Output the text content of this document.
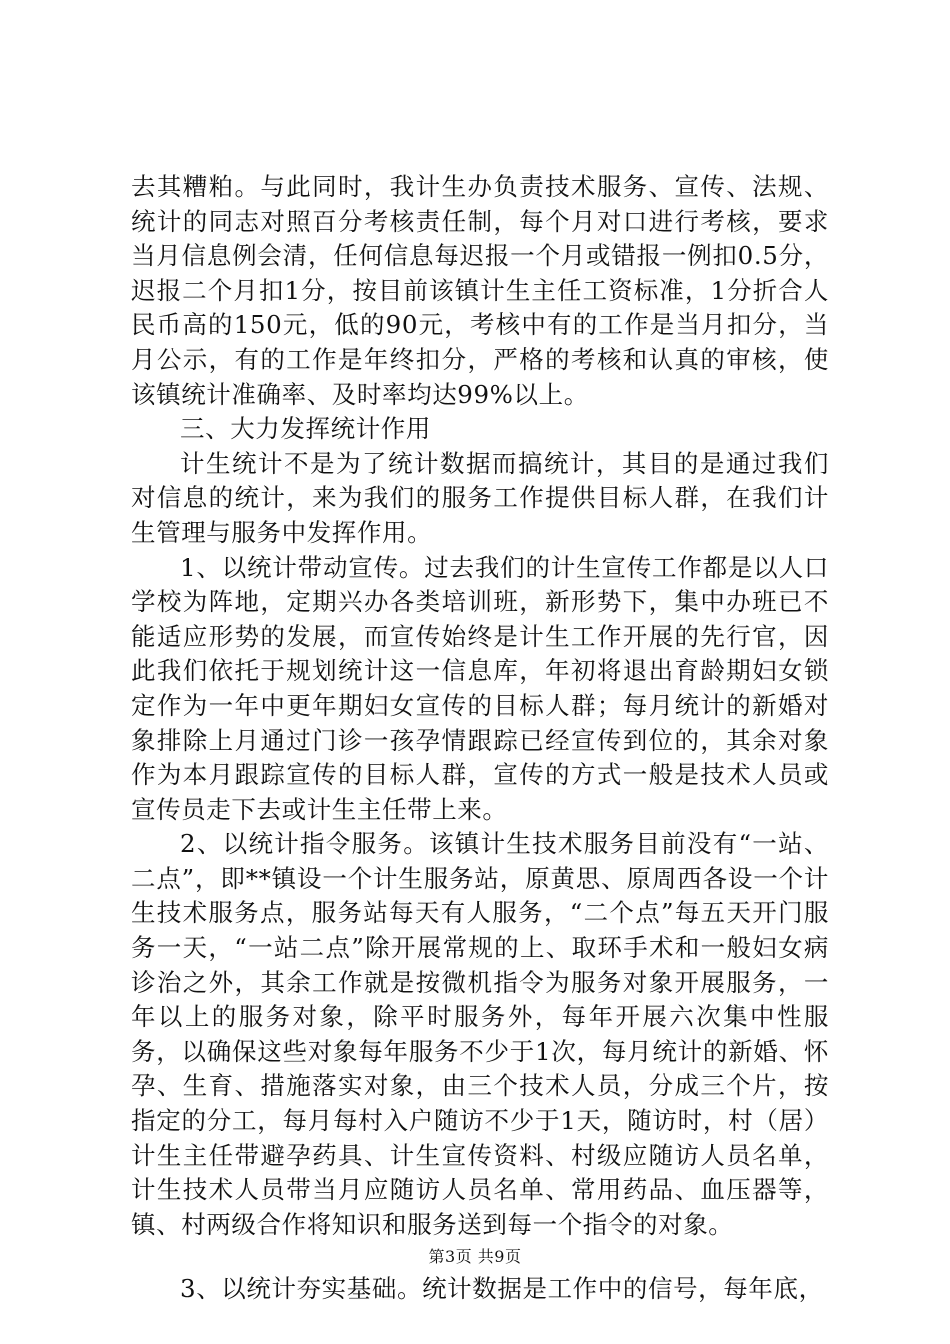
去其糟粕。与此同时，我计生办负责技术服务、宣传、法规、统计的同志对照百分考核责任制，每个月对口进行考核，要求当月信息例会清，任何信息每迟报一个月或错报一例扣0.5分，迟报二个月扣1分，按目前该镇计生主任工资标准，1分折合人民币高的150元，低的90元，考核中有的工作是当月扣分，当月公示，有的工作是年终扣分，严格的考核和认真的审核，使该镇统计准确率、及时率均达99%以上。

三、大力发挥统计作用

计生统计不是为了统计数据而搞统计，其目的是通过我们对信息的统计，来为我们的服务工作提供目标人群，在我们计生管理与服务中发挥作用。

1、以统计带动宣传。过去我们的计生宣传工作都是以人口学校为阵地，定期兴办各类培训班，新形势下，集中办班已不能适应形势的发展，而宣传始终是计生工作开展的先行官，因此我们依托于规划统计这一信息库，年初将退出育龄期妇女锁定作为一年中更年期妇女宣传的目标人群；每月统计的新婚对象排除上月通过门诊一孩孕情跟踪已经宣传到位的，其余对象作为本月跟踪宣传的目标人群，宣传的方式一般是技术人员或宣传员走下去或计生主任带上来。

2、以统计指令服务。该镇计生技术服务目前没有“一站、二点”，即**镇设一个计生服务站，原黄思、原周西各设一个计生技术服务点，服务站每天有人服务，“二个点”每五天开门服务一天，“一站二点”除开展常规的上、取环手术和一般妇女病诊治之外，其余工作就是按微机指令为服务对象开展服务，一年以上的服务对象，除平时服务外，每年开展六次集中性服务，以确保这些对象每年服务不少于1次，每月统计的新婚、怀孕、生育、措施落实对象，由三个技术人员，分成三个片，按指定的分工，每月每村入户随访不少于1天，随访时，村（居）计生主任带避孕药具、计生宣传资料、村级应随访人员名单，计生技术人员带当月应随访人员名单、常用药品、血压器等，镇、村两级合作将知识和服务送到每一个指令的对象。

3、以统计夯实基础。统计数据是工作中的信号，每年底，

第3页 共9页
